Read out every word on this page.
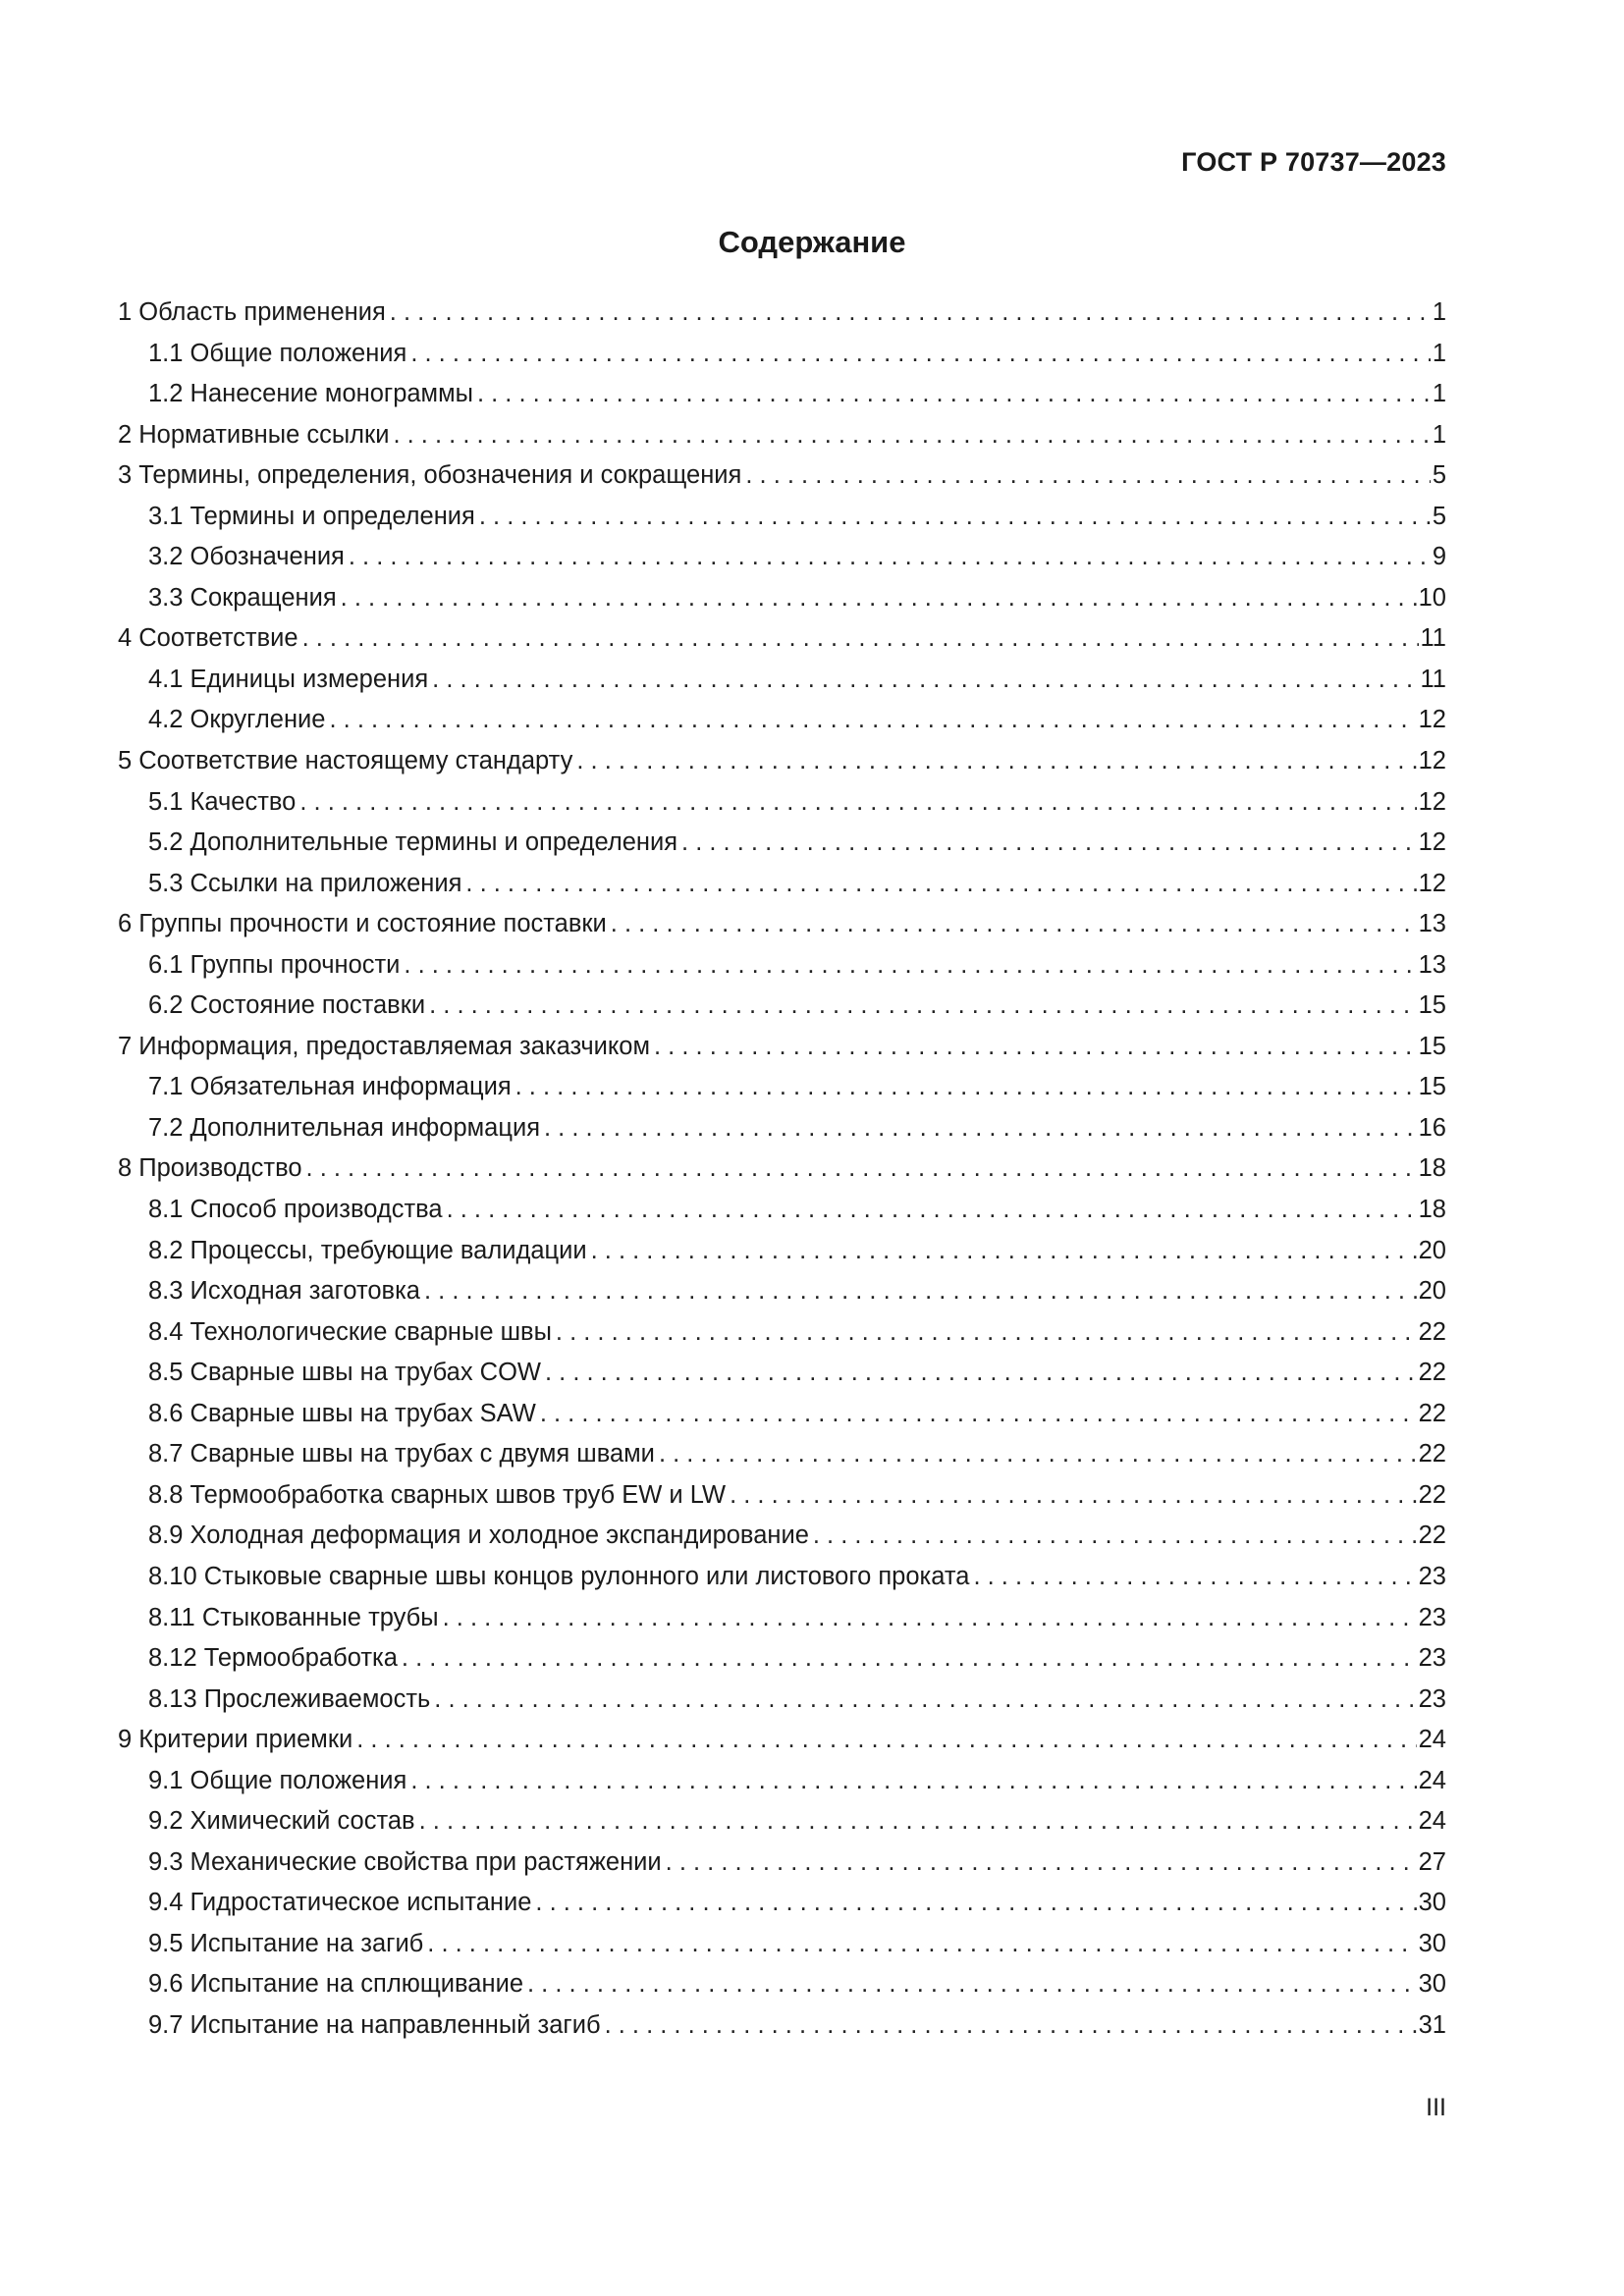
ГОСТ Р 70737—2023
Содержание
1 Область применения . . .	1
1.1 Общие положения . . .	1
1.2 Нанесение монограммы . . .	1
2 Нормативные ссылки . . .	1
3 Термины, определения, обозначения и сокращения . . .	5
3.1 Термины и определения . . .	5
3.2 Обозначения . . .	9
3.3 Сокращения . . .	10
4 Соответствие . . .	11
4.1 Единицы измерения . . .	11
4.2 Округление . . .	12
5 Соответствие настоящему стандарту . . .	12
5.1 Качество . . .	12
5.2 Дополнительные термины и определения . . .	12
5.3 Ссылки на приложения . . .	12
6 Группы прочности и состояние поставки . . .	13
6.1 Группы прочности . . .	13
6.2 Состояние поставки . . .	15
7 Информация, предоставляемая заказчиком . . .	15
7.1 Обязательная информация . . .	15
7.2 Дополнительная информация . . .	16
8 Производство . . .	18
8.1 Способ производства . . .	18
8.2 Процессы, требующие валидации . . .	20
8.3 Исходная заготовка . . .	20
8.4 Технологические сварные швы . . .	22
8.5 Сварные швы на трубах COW . . .	22
8.6 Сварные швы на трубах SAW . . .	22
8.7 Сварные швы на трубах с двумя швами . . .	22
8.8 Термообработка сварных швов труб EW и LW . . .	22
8.9 Холодная деформация и холодное экспандирование . . .	22
8.10 Стыковые сварные швы концов рулонного или листового проката . . .	23
8.11 Стыкованные трубы . . .	23
8.12 Термообработка . . .	23
8.13 Прослеживаемость . . .	23
9 Критерии приемки . . .	24
9.1 Общие положения . . .	24
9.2 Химический состав . . .	24
9.3 Механические свойства при растяжении . . .	27
9.4 Гидростатическое испытание . . .	30
9.5 Испытание на загиб . . .	30
9.6 Испытание на сплющивание . . .	30
9.7 Испытание на направленный загиб . . .	31
III
